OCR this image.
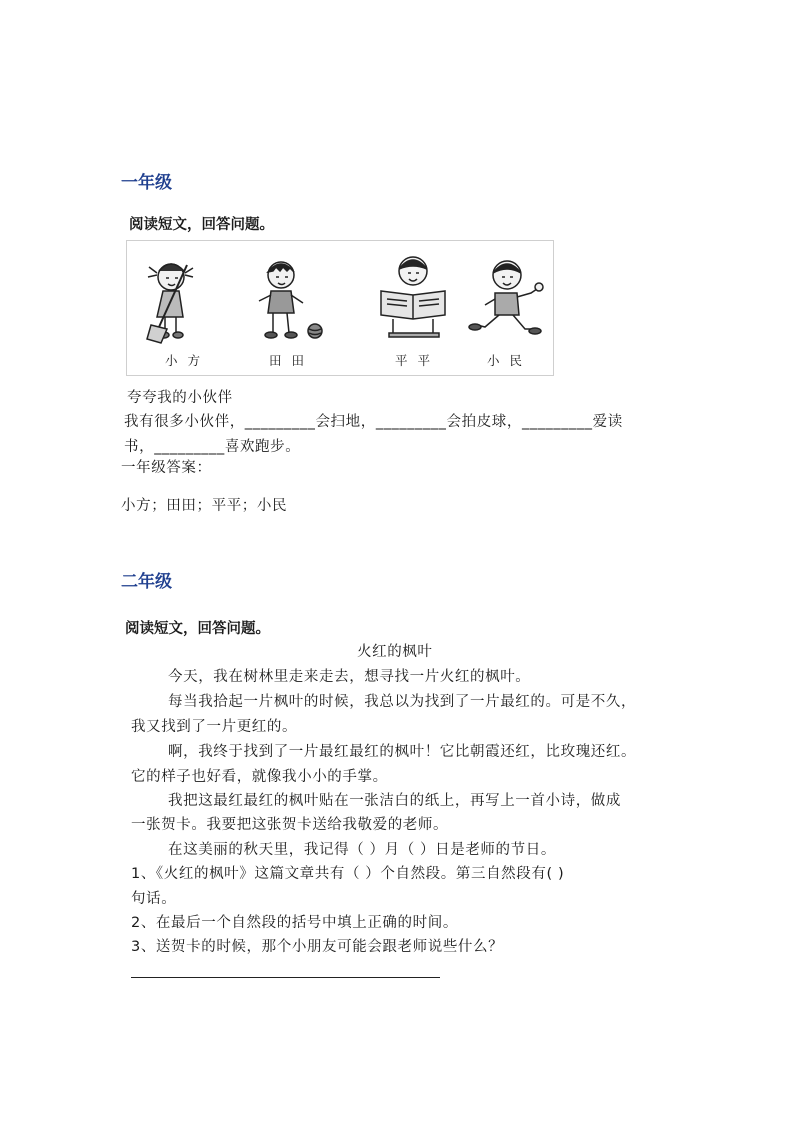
一年级
阅读短文，回答问题。
小方	田田	平平	小民
夸夸我的小伙伴
我有很多小伙伴，_________会扫地，_________会拍皮球，_________爱读
书，_________喜欢跑步。
一年级答案：
小方；田田；平平；小民
二年级
阅读短文，回答问题。
火红的枫叶
今天，我在树林里走来走去，想寻找一片火红的枫叶。
每当我拾起一片枫叶的时候，我总以为找到了一片最红的。可是不久，
我又找到了一片更红的。
啊，我终于找到了一片最红最红的枫叶！它比朝霞还红，比玫瑰还红。
它的样子也好看，就像我小小的手掌。
我把这最红最红的枫叶贴在一张洁白的纸上，再写上一首小诗，做成
一张贺卡。我要把这张贺卡送给我敬爱的老师。
在这美丽的秋天里，我记得（ ）月（ ）日是老师的节日。
1、《火红的枫叶》这篇文章共有（ ）个自然段。第三自然段有( )
句话。
2、在最后一个自然段的括号中填上正确的时间。
3、送贺卡的时候，那个小朋友可能会跟老师说些什么？
